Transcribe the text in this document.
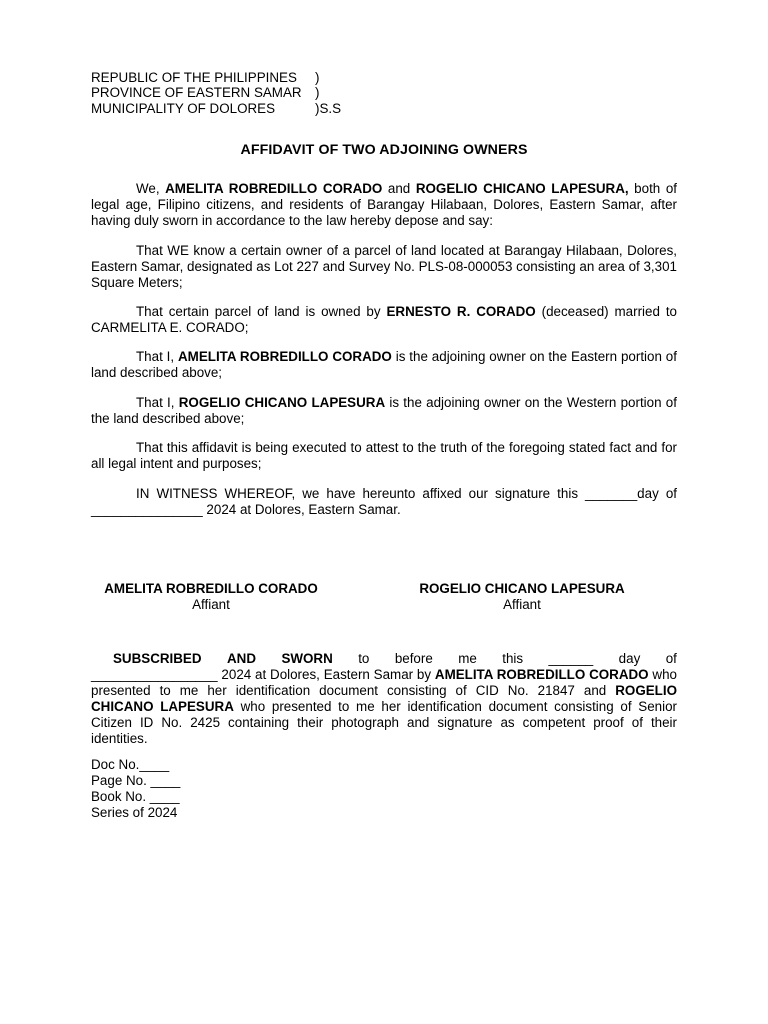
REPUBLIC OF THE PHILIPPINES )
PROVINCE OF EASTERN SAMAR )
MUNICIPALITY OF DOLORES	)S.S
AFFIDAVIT OF TWO ADJOINING OWNERS

We, AMELITA ROBREDILLO CORADO and ROGELIO CHICANO LAPESURA, both of legal age, Filipino citizens, and residents of Barangay Hilabaan, Dolores, Eastern Samar, after having duly sworn in accordance to the law hereby depose and say:

That WE know a certain owner of a parcel of land located at Barangay Hilabaan, Dolores, Eastern Samar, designated as Lot 227 and Survey No. PLS-08-000053 consisting an area of 3,301 Square Meters;

That certain parcel of land is owned by ERNESTO R. CORADO (deceased) married to CARMELITA E. CORADO;

That I, AMELITA ROBREDILLO CORADO is the adjoining owner on the Eastern portion of land described above;

That I, ROGELIO CHICANO LAPESURA is the adjoining owner on the Western portion of the land described above;

That this affidavit is being executed to attest to the truth of the foregoing stated fact and for all legal intent and purposes;

IN WITNESS WHEREOF, we have hereunto affixed our signature this _______day of _______________ 2024 at Dolores, Eastern Samar.

AMELITA ROBREDILLO CORADO
Affiant
ROGELIO CHICANO LAPESURA
Affiant
SUBSCRIBED AND SWORN to before me this ______ day of
_________________ 2024 at Dolores, Eastern Samar by AMELITA ROBREDILLO CORADO who presented to me her identification document consisting of CID No. 21847 and ROGELIO CHICANO LAPESURA who presented to me her identification document consisting of Senior Citizen ID No. 2425 containing their photograph and signature as competent proof of their identities.
Doc No.____
Page No. ____
Book No. ____
Series of 2024
